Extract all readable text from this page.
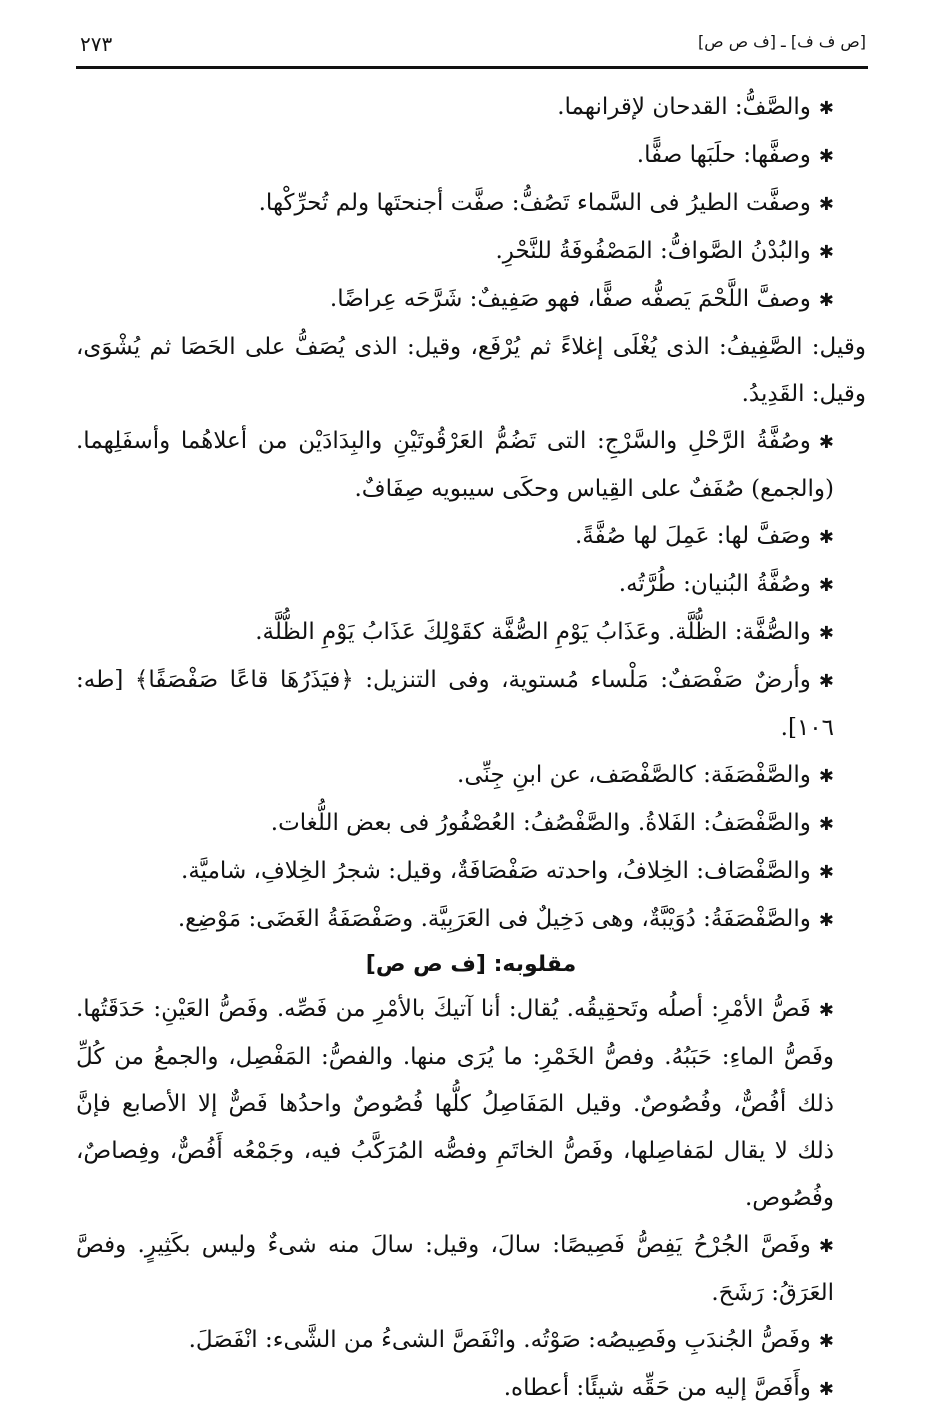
٢٧٣	[ص ف ف] ـ [ف ص ص]

✱والصَّفُّ: القدحان لإقرانهما.

✱وصفَّها: حلَبَها صفًّا.

✱وصفَّت الطيرُ فى السَّماء تَصُفُّ: صفَّت أجنحتَها ولم تُحرِّكْها.

✱والبُدْنُ الصَّوافُّ: المَصْفُوفَةُ للنَّحْرِ.

✱وصفَّ اللَّحْمَ يَصفُّه صفًّا، فهو صَفِيفٌ: شَرَّحَه عِراضًا.

وقيل: الصَّفِيفُ: الذى يُغْلَى إغلاءً ثم يُرْفَع، وقيل: الذى يُصَفُّ على الحَصَا ثم يُشْوَى، وقيل: القَدِيدُ.

✱وصُفَّةُ الرَّحْلِ والسَّرْجِ: التى تَضُمُّ العَرْقُوتَيْنِ والبِدَادَيْن من أعلاهُما وأسفَلِهما. (والجمع) صُفَفٌ على القِياس وحكَى سيبويه صِفَافٌ.

✱وصَفَّ لها: عَمِلَ لها صُفَّةً.

✱وصُفَّةُ البُنيان: طُرَّتُه.

✱والصُّفَّة: الظُّلَّة. وعَذَابُ يَوْمِ الصُّفَّة كقَوْلِكَ عَذَابُ يَوْمِ الظُّلَّة.

✱وأرضٌ صَفْصَفٌ: مَلْساء مُستوية، وفى التنزيل: ﴿فيَذَرُهَا قاعًا صَفْصَفًا﴾ [طه: ١٠٦].

✱والصَّفْصَفَة: كالصَّفْصَف، عن ابنِ جِنِّى.

✱والصَّفْصَفُ: الفَلاةُ. والصَّفْصُفُ: العُصْفُورُ فى بعض اللُّغات.

✱والصَّفْصَاف: الخِلافُ، واحدته صَفْصَافَةٌ، وقيل: شجرُ الخِلافِ، شاميَّة.

✱والصَّفْصَفَةُ: دُوَيْبَّةٌ، وهى دَخِيلٌ فى العَرَبِيَّة. وصَفْصَفَةُ الغَضَى: مَوْضِع.

مقلوبه: [ف ص ص]

✱فَصُّ الأمْرِ: أصلُه وتَحقِيقُه. يُقال: أنا آتيكَ بالأمْرِ من فَصِّه. وفَصُّ العَيْنِ: حَدَقَتُها. وفَصُّ الماءِ: حَبَبُهُ. وفصُّ الخَمْرِ: ما يُرَى منها. والفصُّ: المَفْصِل، والجمعُ من كُلِّ ذلك أفُصٌّ، وفُصُوصٌ. وقيل المَفَاصِلُ كلُّها فُصُوصٌ واحدُها فَصٌّ إلا الأصابع فإنَّ ذلك لا يقال لمَفاصِلها، وفَصُّ الخاتَمِ وفصُّه المُرَكَّبُ فيه، وجَمْعُه أَفُصٌّ، وفِصاصٌ، وفُصُوص.

✱وفَصَّ الجُرْحُ يَفِصُّ فَصِيصًا: سالَ، وقيل: سالَ منه شىءٌ وليس بكَثِيرٍ. وفصَّ العَرَقُ: رَشَحَ.

✱وفَصُّ الجُندَبِ وفَصِيصُه: صَوْتُه. وانْفَصَّ الشىءُ من الشَّىء: انْفَصَلَ.

✱وأَفَصَّ إليه من حَقِّه شيئًا: أعطاه.
